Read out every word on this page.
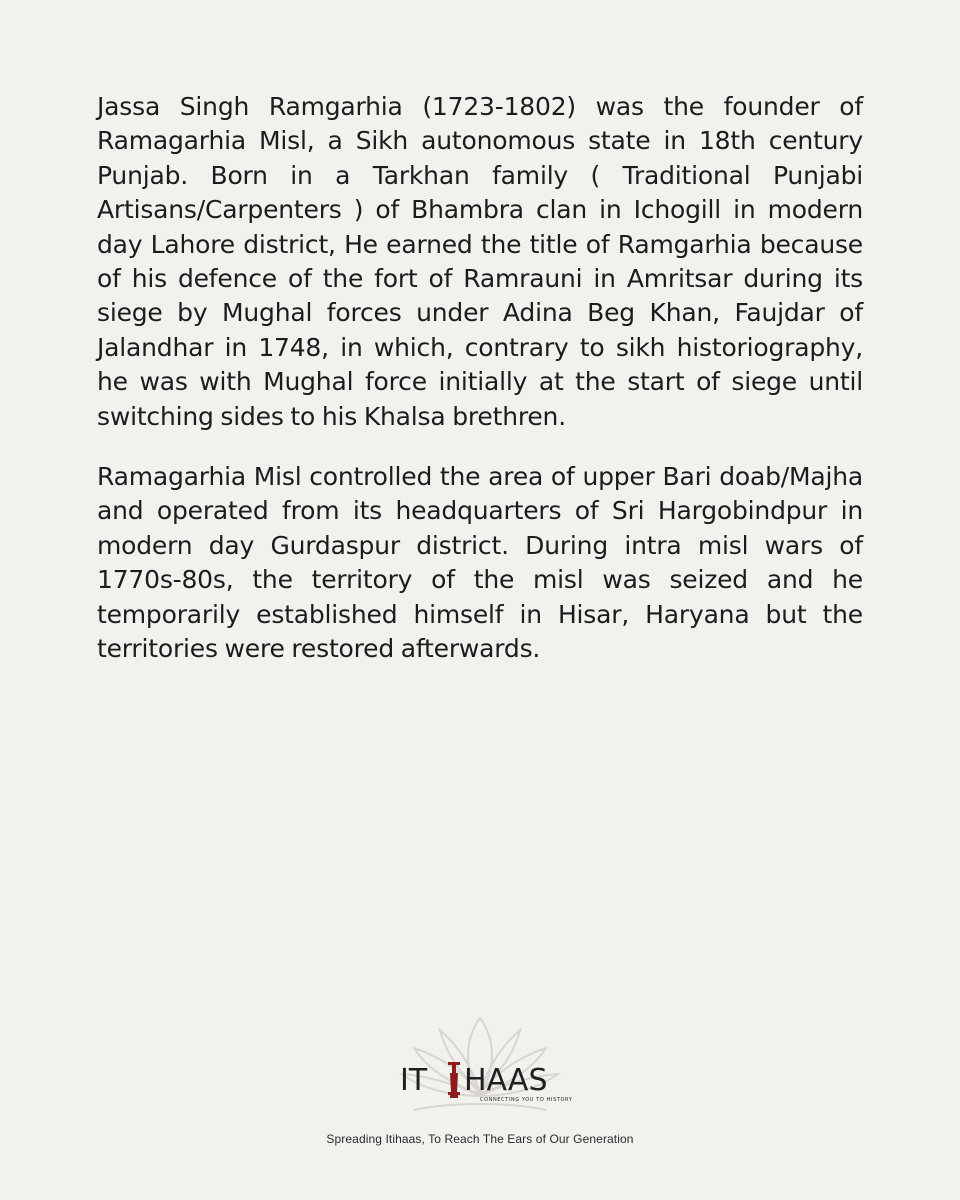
Jassa Singh Ramgarhia (1723-1802) was the founder of Ramagarhia Misl, a Sikh autonomous state in 18th century Punjab. Born in a Tarkhan family ( Traditional Punjabi Artisans/Carpenters ) of Bhambra clan in Ichogill in modern day Lahore district, He earned the title of Ramgarhia because of his defence of the fort of Ramrauni in Amritsar during its siege by Mughal forces under Adina Beg Khan, Faujdar of Jalandhar in 1748, in which, contrary to sikh historiography, he was with Mughal force initially at the start of siege until switching sides to his Khalsa brethren.

Ramagarhia Misl controlled the area of upper Bari doab/Majha and operated from its headquarters of Sri Hargobindpur in modern day Gurdaspur district. During intra misl wars of 1770s-80s, the territory of the misl was seized and he temporarily established himself in Hisar, Haryana but the territories were restored afterwards.

IT HAAS
CONNECTING YOU TO HISTORY
Spreading Itihaas, To Reach The Ears of Our Generation
